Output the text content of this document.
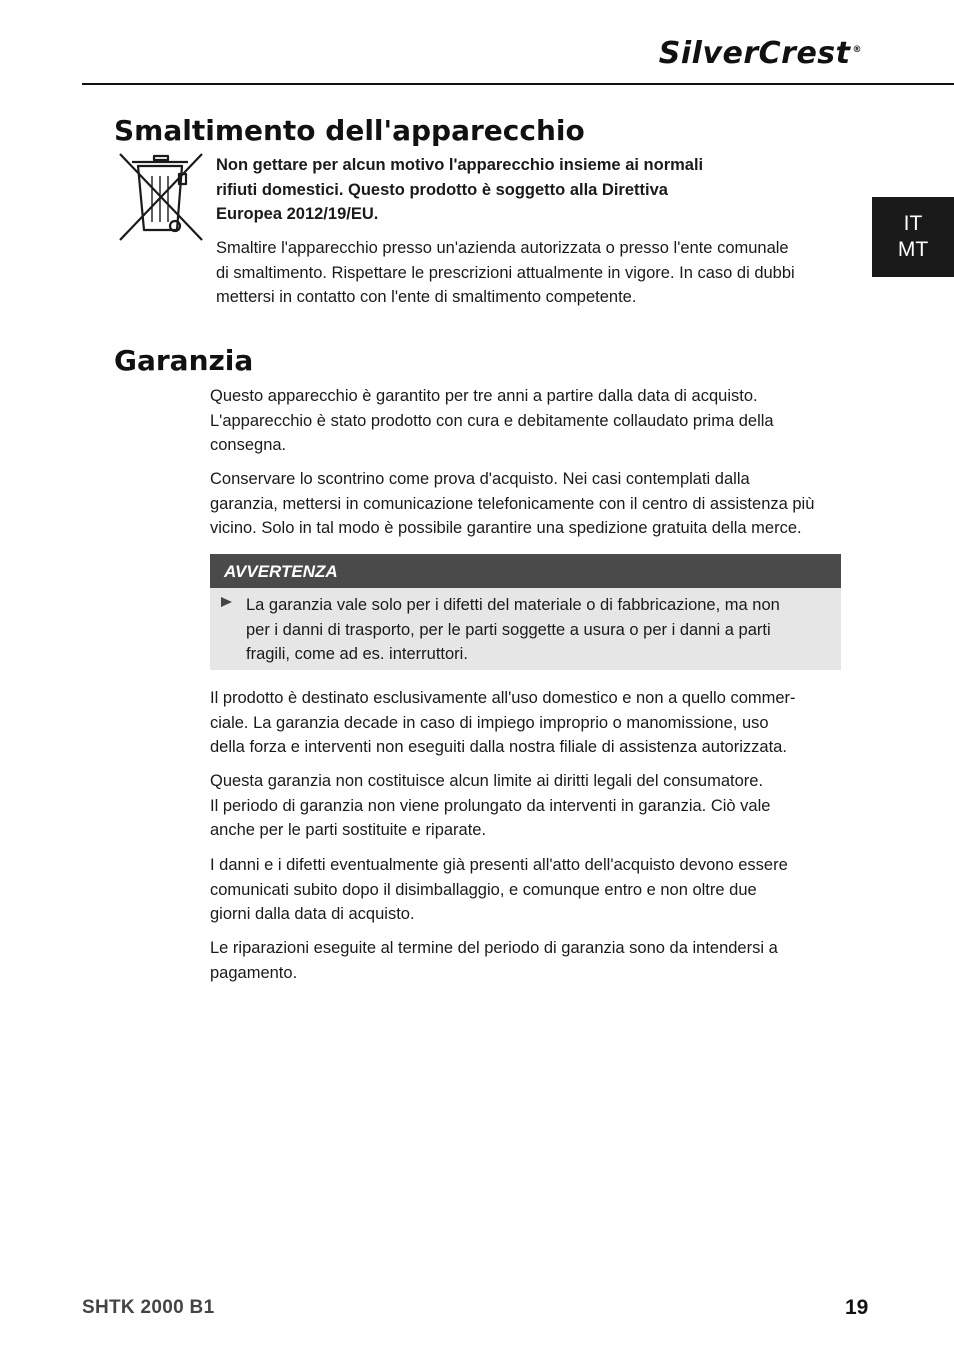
SilverCrest ®
IT
MT
Smaltimento dell'apparecchio
Non gettare per alcun motivo l'apparecchio insieme ai normali
rifiuti domestici. Questo prodotto è soggetto alla Direttiva
Europea 2012/19/EU.
Smaltire l'apparecchio presso un'azienda autorizzata o presso l'ente comunale
di smaltimento. Rispettare le prescrizioni attualmente in vigore. In caso di dubbi
mettersi in contatto con l'ente di smaltimento competente.
Garanzia
Questo apparecchio è garantito per tre anni a partire dalla data di acquisto.
L'apparecchio è stato prodotto con cura e debitamente collaudato prima della
consegna.
Conservare lo scontrino come prova d'acquisto. Nei casi contemplati dalla
garanzia, mettersi in comunicazione telefonicamente con il centro di assistenza più
vicino. Solo in tal modo è possibile garantire una spedizione gratuita della merce.
AVVERTENZA
La garanzia vale solo per i difetti del materiale o di fabbricazione, ma non
per i danni di trasporto, per le parti soggette a usura o per i danni a parti
fragili, come ad es. interruttori.
Il prodotto è destinato esclusivamente all'uso domestico e non a quello commer-
ciale. La garanzia decade in caso di impiego improprio o manomissione, uso
della forza e interventi non eseguiti dalla nostra filiale di assistenza autorizzata.
Questa garanzia non costituisce alcun limite ai diritti legali del consumatore.
Il periodo di garanzia non viene prolungato da interventi in garanzia. Ciò vale
anche per le parti sostituite e riparate.
I danni e i difetti eventualmente già presenti all'atto dell'acquisto devono essere
comunicati subito dopo il disimballaggio, e comunque entro e non oltre due
giorni dalla data di acquisto.
Le riparazioni eseguite al termine del periodo di garanzia sono da intendersi a
pagamento.
SHTK 2000 B1	19
